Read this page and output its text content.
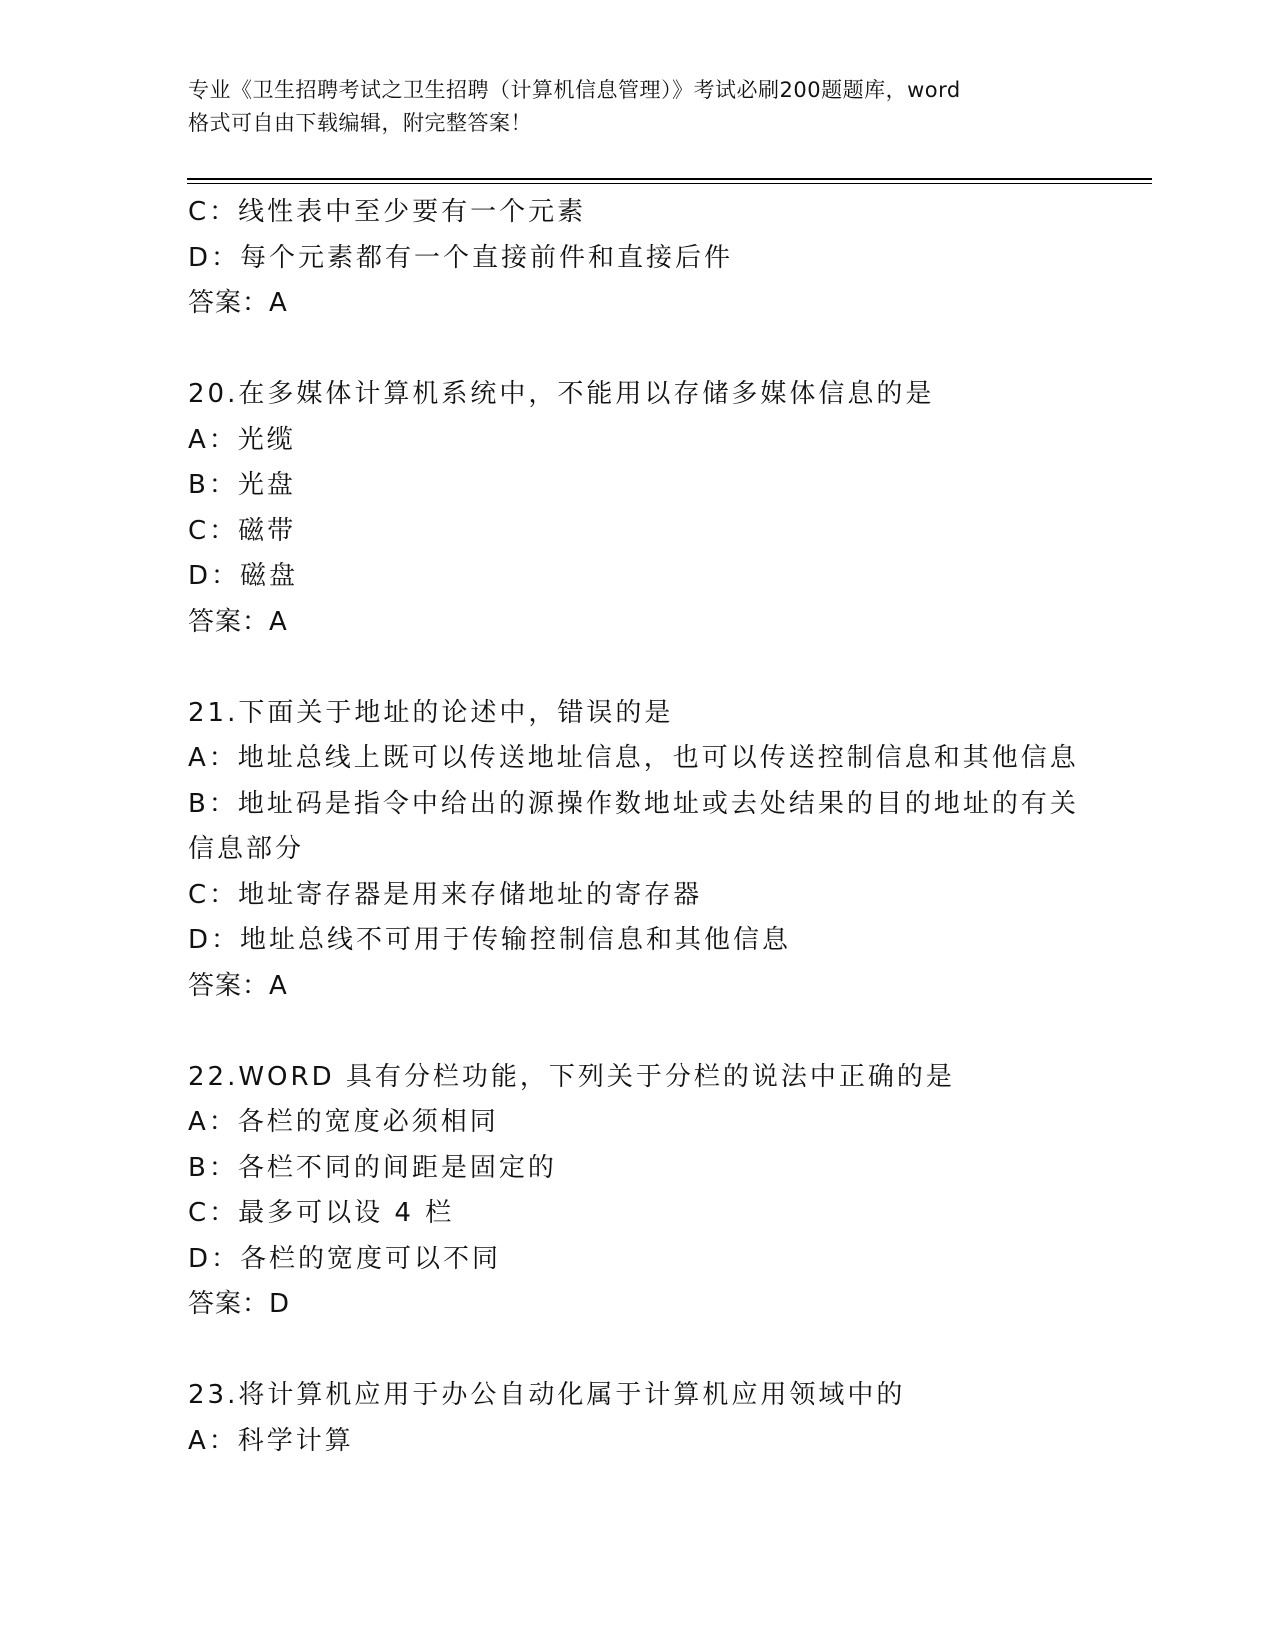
专业《卫生招聘考试之卫生招聘（计算机信息管理）》考试必刷200题题库，word
格式可自由下载编辑，附完整答案！
C：线性表中至少要有一个元素
D：每个元素都有一个直接前件和直接后件
答案：A
20.在多媒体计算机系统中，不能用以存储多媒体信息的是
A：光缆
B：光盘
C：磁带
D：磁盘
答案：A
21.下面关于地址的论述中，错误的是
A：地址总线上既可以传送地址信息，也可以传送控制信息和其他信息
B：地址码是指令中给出的源操作数地址或去处结果的目的地址的有关
信息部分
C：地址寄存器是用来存储地址的寄存器
D：地址总线不可用于传输控制信息和其他信息
答案：A
22.WORD 具有分栏功能，下列关于分栏的说法中正确的是
A：各栏的宽度必须相同
B：各栏不同的间距是固定的
C：最多可以设 4 栏
D：各栏的宽度可以不同
答案：D
23.将计算机应用于办公自动化属于计算机应用领域中的
A：科学计算
